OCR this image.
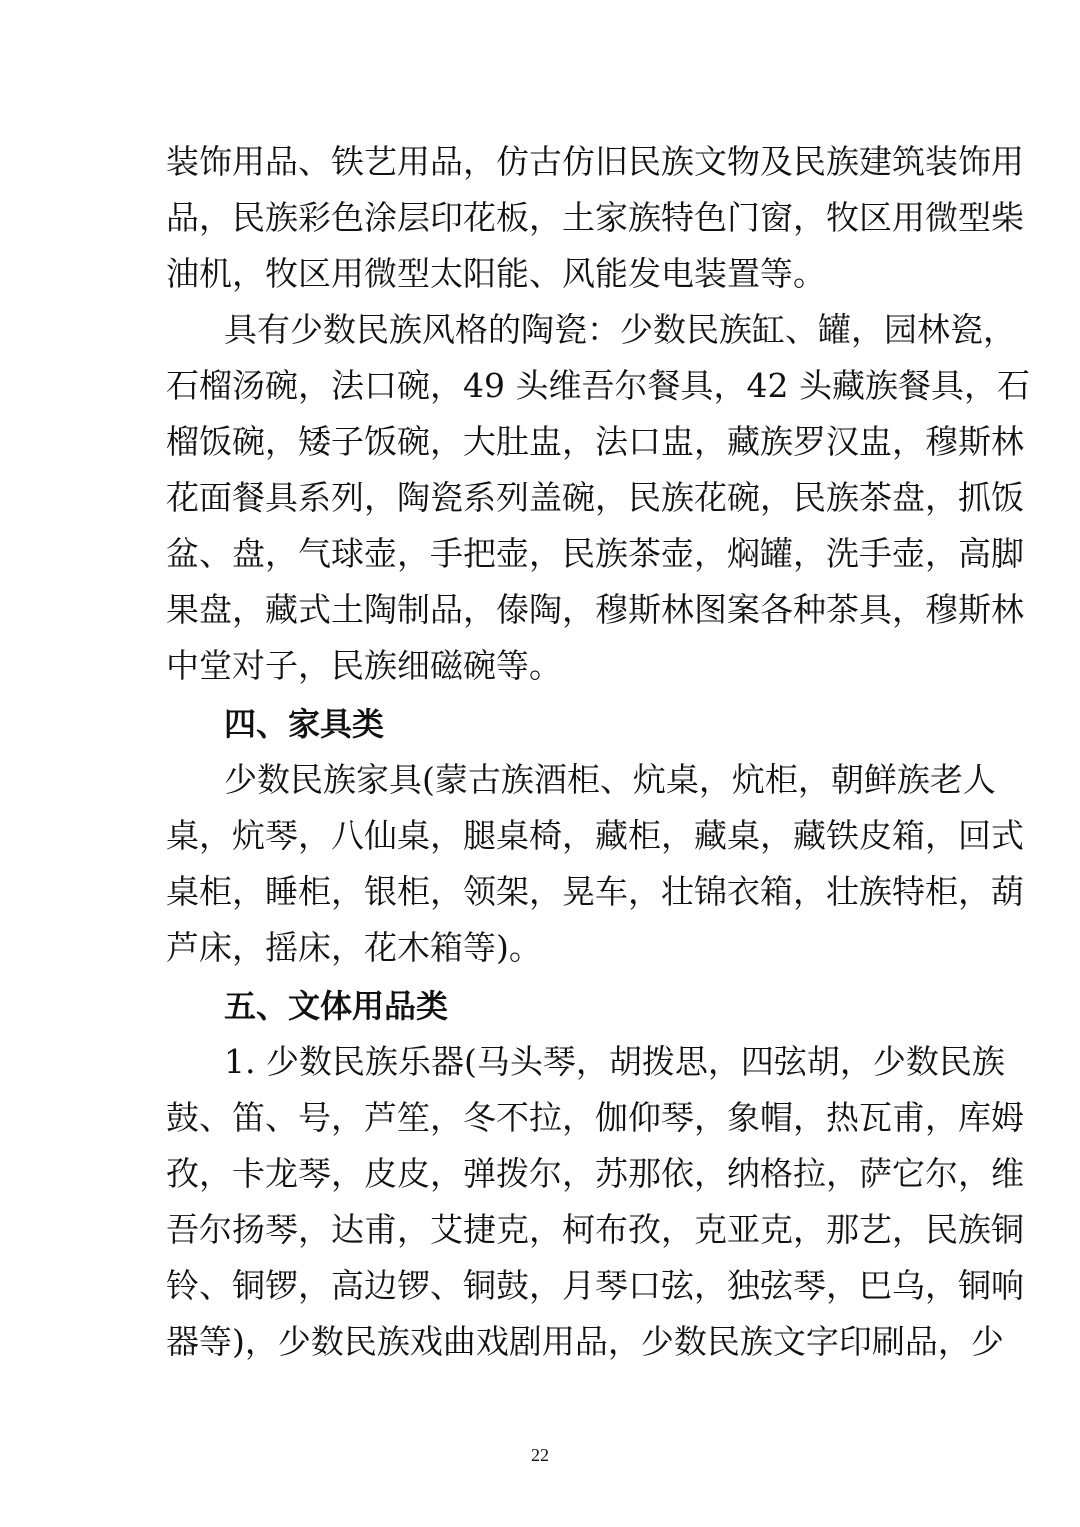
装饰用品、铁艺用品，仿古仿旧民族文物及民族建筑装饰用
品，民族彩色涂层印花板，土家族特色门窗，牧区用微型柴
油机，牧区用微型太阳能、风能发电装置等。
具有少数民族风格的陶瓷：少数民族缸、罐，园林瓷，
石榴汤碗，法口碗，49 头维吾尔餐具，42 头藏族餐具，石
榴饭碗，矮子饭碗，大肚盅，法口盅，藏族罗汉盅，穆斯林
花面餐具系列，陶瓷系列盖碗，民族花碗，民族茶盘，抓饭
盆、盘，气球壶，手把壶，民族茶壶，焖罐，洗手壶，高脚
果盘，藏式土陶制品，傣陶，穆斯林图案各种茶具，穆斯林
中堂对子，民族细磁碗等。
四、家具类
少数民族家具(蒙古族酒柜、炕桌，炕柜，朝鲜族老人
桌，炕琴，八仙桌，腿桌椅，藏柜，藏桌，藏铁皮箱，回式
桌柜，睡柜，银柜，领架，晃车，壮锦衣箱，壮族特柜，葫
芦床，摇床，花木箱等)。
五、文体用品类
1. 少数民族乐器(马头琴，胡拨思，四弦胡，少数民族
鼓、笛、号，芦笙，冬不拉，伽仰琴，象帽，热瓦甫，库姆
孜，卡龙琴，皮皮，弹拨尔，苏那依，纳格拉，萨它尔，维
吾尔扬琴，达甫，艾捷克，柯布孜，克亚克，那艺，民族铜
铃、铜锣，高边锣、铜鼓，月琴口弦，独弦琴，巴乌，铜响
器等)，少数民族戏曲戏剧用品，少数民族文字印刷品，少
22
